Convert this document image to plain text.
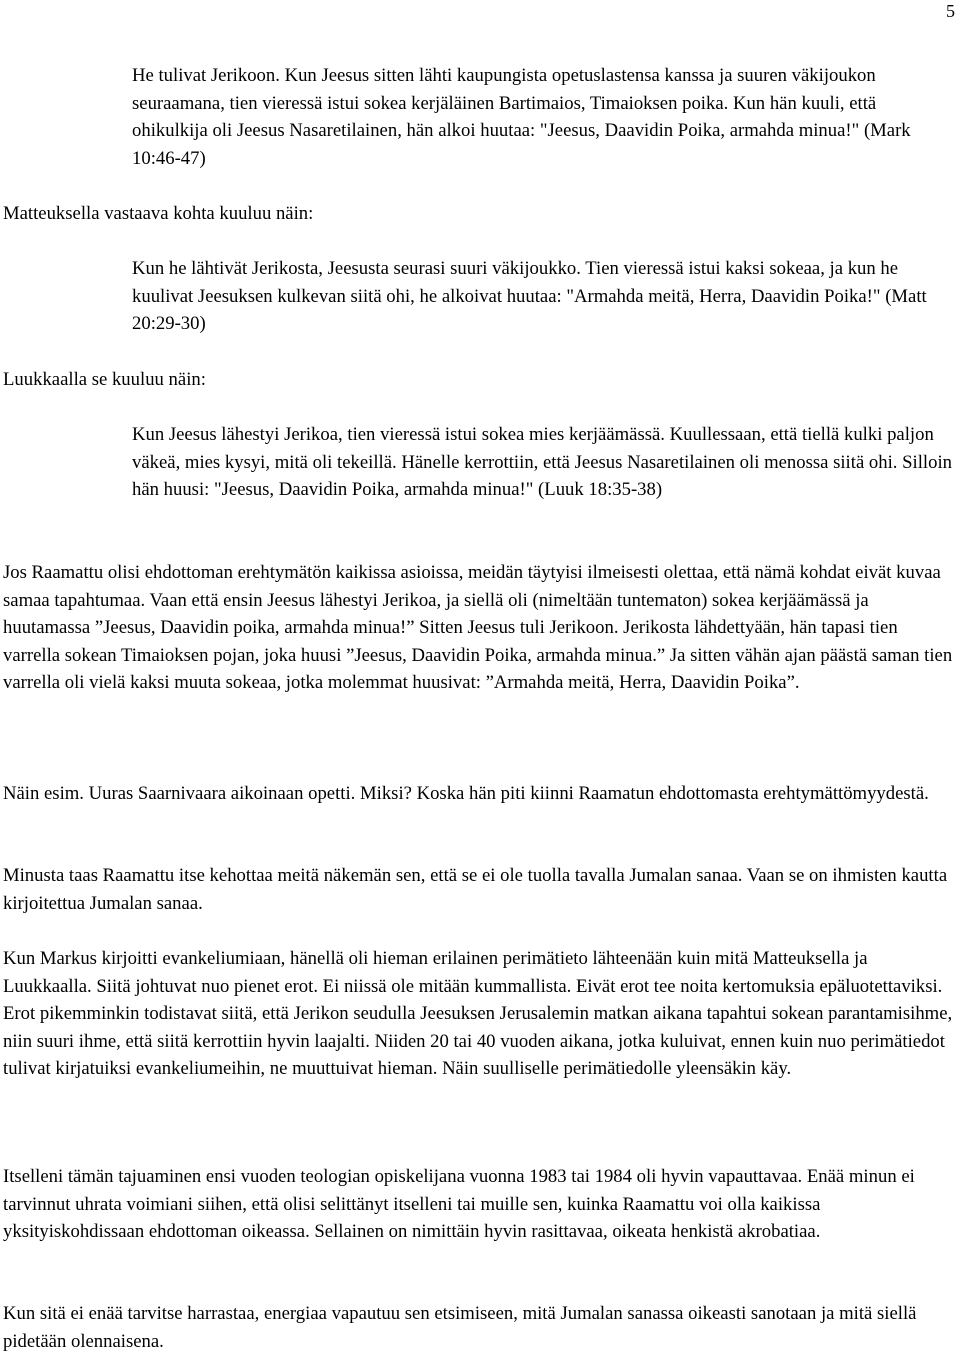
5

He tulivat Jerikoon. Kun Jeesus sitten lähti kaupungista opetuslastensa kanssa ja suuren väkijoukon seuraamana, tien vieressä istui sokea kerjäläinen Bartimaios, Timaioksen poika. Kun hän kuuli, että ohikulkija oli Jeesus Nasaretilainen, hän alkoi huutaa: "Jeesus, Daavidin Poika, armahda minua!" (Mark 10:46-47)

Matteuksella vastaava kohta kuuluu näin:

Kun he lähtivät Jerikosta, Jeesusta seurasi suuri väkijoukko. Tien vieressä istui kaksi sokeaa, ja kun he kuulivat Jeesuksen kulkevan siitä ohi, he alkoivat huutaa: "Armahda meitä, Herra, Daavidin Poika!" (Matt 20:29-30)

Luukkaalla se kuuluu näin:

Kun Jeesus lähestyi Jerikoa, tien vieressä istui sokea mies kerjäämässä. Kuullessaan, että tiellä kulki paljon väkeä, mies kysyi, mitä oli tekeillä. Hänelle kerrottiin, että Jeesus Nasaretilainen oli menossa siitä ohi. Silloin hän huusi: "Jeesus, Daavidin Poika, armahda minua!" (Luuk 18:35-38)

Jos Raamattu olisi ehdottoman erehtymätön kaikissa asioissa, meidän täytyisi ilmeisesti olettaa, että nämä kohdat eivät kuvaa samaa tapahtumaa. Vaan että ensin Jeesus lähestyi Jerikoa, ja siellä oli (nimeltään tuntematon) sokea kerjäämässä ja huutamassa ”Jeesus, Daavidin poika, armahda minua!” Sitten Jeesus tuli Jerikoon. Jerikosta lähdettyään, hän tapasi tien varrella sokean Timaioksen pojan, joka huusi ”Jeesus, Daavidin Poika, armahda minua.” Ja sitten vähän ajan päästä saman tien varrella oli vielä kaksi muuta sokeaa, jotka molemmat huusivat: ”Armahda meitä, Herra, Daavidin Poika”.

Näin esim. Uuras Saarnivaara aikoinaan opetti. Miksi? Koska hän piti kiinni Raamatun ehdottomasta erehtymättömyydestä.

Minusta taas Raamattu itse kehottaa meitä näkemän sen, että se ei ole tuolla tavalla Jumalan sanaa. Vaan se on ihmisten kautta kirjoitettua Jumalan sanaa.

Kun Markus kirjoitti evankeliumiaan, hänellä oli hieman erilainen perimätieto lähteenään kuin mitä Matteuksella ja Luukkaalla. Siitä johtuvat nuo pienet erot. Ei niissä ole mitään kummallista. Eivät erot tee noita kertomuksia epäluotettaviksi. Erot pikemminkin todistavat siitä, että Jerikon seudulla Jeesuksen Jerusalemin matkan aikana tapahtui sokean parantamisihme, niin suuri ihme, että siitä kerrottiin hyvin laajalti. Niiden 20 tai 40 vuoden aikana, jotka kuluivat, ennen kuin nuo perimätiedot tulivat kirjatuiksi evankeliumeihin, ne muuttuivat hieman. Näin suulliselle perimätiedolle yleensäkin käy.

Itselleni tämän tajuaminen ensi vuoden teologian opiskelijana vuonna 1983 tai 1984 oli hyvin vapauttavaa. Enää minun ei tarvinnut uhrata voimiani siihen, että olisi selittänyt itselleni tai muille sen, kuinka Raamattu voi olla kaikissa yksityiskohdissaan ehdottoman oikeassa. Sellainen on nimittäin hyvin rasittavaa, oikeata henkistä akrobatiaa.

Kun sitä ei enää tarvitse harrastaa, energiaa vapautuu sen etsimiseen, mitä Jumalan sanassa oikeasti sanotaan ja mitä siellä pidetään olennaisena.
